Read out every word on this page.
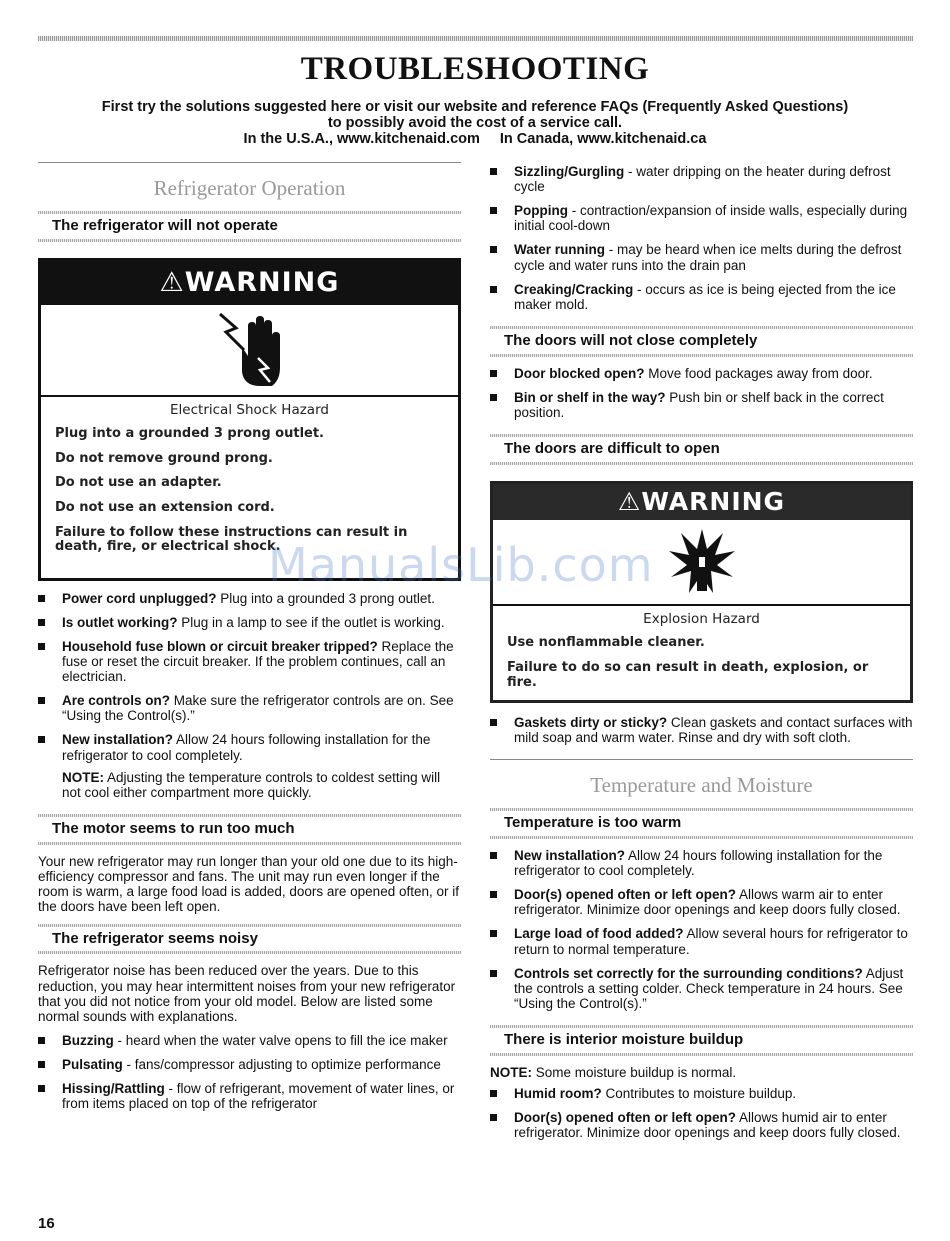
TROUBLESHOOTING
First try the solutions suggested here or visit our website and reference FAQs (Frequently Asked Questions)
to possibly avoid the cost of a service call.
In the U.S.A., www.kitchenaid.com In Canada, www.kitchenaid.ca
Refrigerator Operation
The refrigerator will not operate
⚠WARNING
Electrical Shock Hazard

Plug into a grounded 3 prong outlet.

Do not remove ground prong.

Do not use an adapter.

Do not use an extension cord.

Failure to follow these instructions can result in death, fire, or electrical shock.

Power cord unplugged? Plug into a grounded 3 prong outlet.
Is outlet working? Plug in a lamp to see if the outlet is working.
Household fuse blown or circuit breaker tripped? Replace the fuse or reset the circuit breaker. If the problem continues, call an electrician.
Are controls on? Make sure the refrigerator controls are on. See “Using the Control(s).”
New installation? Allow 24 hours following installation for the refrigerator to cool completely.
NOTE: Adjusting the temperature controls to coldest setting will not cool either compartment more quickly.
The motor seems to run too much

Your new refrigerator may run longer than your old one due to its high-efficiency compressor and fans. The unit may run even longer if the room is warm, a large food load is added, doors are opened often, or if the doors have been left open.

The refrigerator seems noisy

Refrigerator noise has been reduced over the years. Due to this reduction, you may hear intermittent noises from your new refrigerator that you did not notice from your old model. Below are listed some normal sounds with explanations.

Buzzing - heard when the water valve opens to fill the ice maker
Pulsating - fans/compressor adjusting to optimize performance
Hissing/Rattling - flow of refrigerant, movement of water lines, or from items placed on top of the refrigerator
Sizzling/Gurgling - water dripping on the heater during defrost cycle
Popping - contraction/expansion of inside walls, especially during initial cool-down
Water running - may be heard when ice melts during the defrost cycle and water runs into the drain pan
Creaking/Cracking - occurs as ice is being ejected from the ice maker mold.
The doors will not close completely
Door blocked open? Move food packages away from door.
Bin or shelf in the way? Push bin or shelf back in the correct position.
The doors are difficult to open
⚠WARNING
Explosion Hazard

Use nonflammable cleaner.

Failure to do so can result in death, explosion, or fire.

Gaskets dirty or sticky? Clean gaskets and contact surfaces with mild soap and warm water. Rinse and dry with soft cloth.
Temperature and Moisture
Temperature is too warm
New installation? Allow 24 hours following installation for the refrigerator to cool completely.
Door(s) opened often or left open? Allows warm air to enter refrigerator. Minimize door openings and keep doors fully closed.
Large load of food added? Allow several hours for refrigerator to return to normal temperature.
Controls set correctly for the surrounding conditions? Adjust the controls a setting colder. Check temperature in 24 hours. See “Using the Control(s).”
There is interior moisture buildup

NOTE: Some moisture buildup is normal.

Humid room? Contributes to moisture buildup.
Door(s) opened often or left open? Allows humid air to enter refrigerator. Minimize door openings and keep doors fully closed.
ManualsLib.com
16
